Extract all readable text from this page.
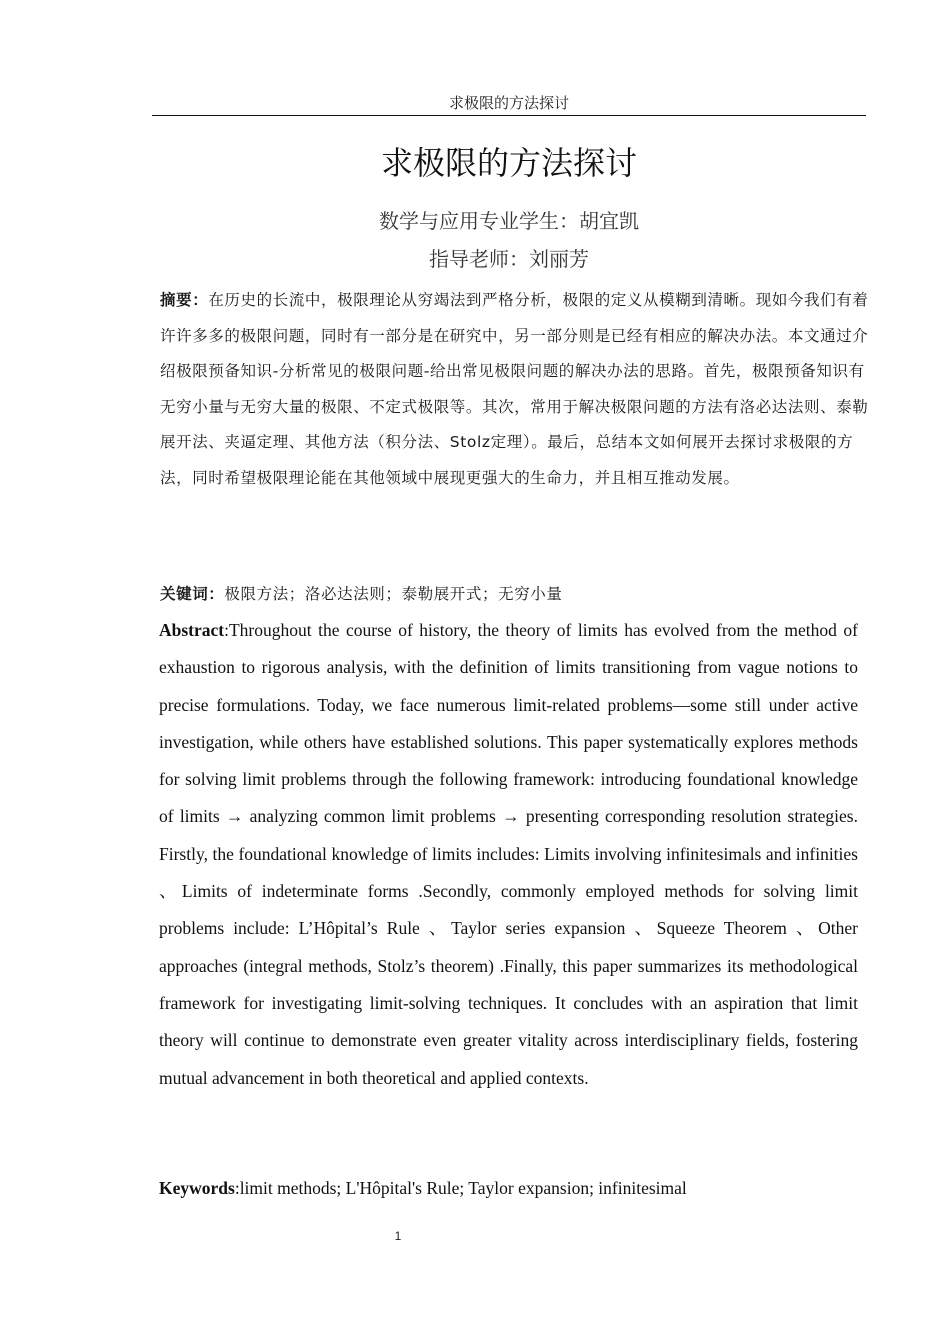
求极限的方法探讨
求极限的方法探讨
数学与应用专业学生：胡宜凯
指导老师：刘丽芳

摘要：在历史的长流中，极限理论从穷竭法到严格分析，极限的定义从模糊到清晰。现如今我们有着许许多多的极限问题，同时有一部分是在研究中，另一部分则是已经有相应的解决办法。本文通过介绍极限预备知识-分析常见的极限问题-给出常见极限问题的解决办法的思路。首先，极限预备知识有无穷小量与无穷大量的极限、不定式极限等。其次，常用于解决极限问题的方法有洛必达法则、泰勒展开法、夹逼定理、其他方法（积分法、Stolz定理）。最后，总结本文如何展开去探讨求极限的方法，同时希望极限理论能在其他领域中展现更强大的生命力，并且相互推动发展。

关键词：极限方法；洛必达法则；泰勒展开式；无穷小量

Abstract:Throughout the course of history, the theory of limits has evolved from the method of exhaustion to rigorous analysis, with the definition of limits transitioning from vague notions to precise formulations. Today, we face numerous limit-related problems—some still under active investigation, while others have established solutions. This paper systematically explores methods for solving limit problems through the following framework: introducing foundational knowledge of limits → analyzing common limit problems → presenting corresponding resolution strategies. Firstly, the foundational knowledge of limits includes: Limits involving infinitesimals and infinities 、Limits of indeterminate forms .Secondly, commonly employed methods for solving limit problems include: L’Hôpital’s Rule 、Taylor series expansion 、Squeeze Theorem 、Other approaches (integral methods, Stolz’s theorem) .Finally, this paper summarizes its methodological framework for investigating limit-solving techniques. It concludes with an aspiration that limit theory will continue to demonstrate even greater vitality across interdisciplinary fields, fostering mutual advancement in both theoretical and applied contexts.

Keywords:limit methods; L'Hôpital's Rule; Taylor expansion; infinitesimal

1
